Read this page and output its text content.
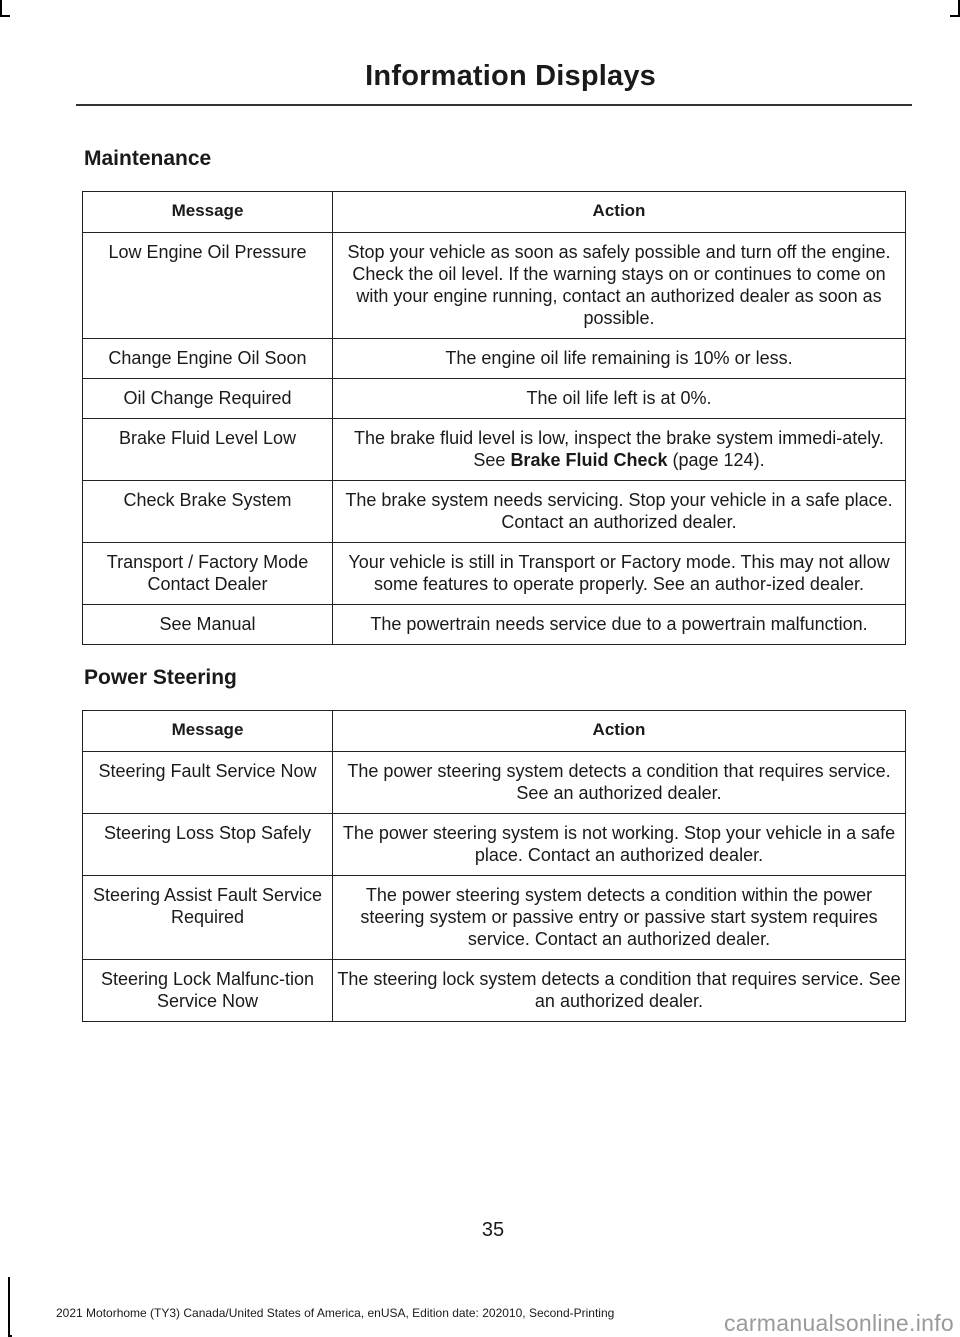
Information Displays
Maintenance
Message	Action
Low Engine Oil Pressure	Stop your vehicle as soon as safely possible and turn off the engine. Check the oil level. If the warning stays on or continues to come on with your engine running, contact an authorized dealer as soon as possible.
Change Engine Oil Soon	The engine oil life remaining is 10% or less.
Oil Change Required	The oil life left is at 0%.
Brake Fluid Level Low	The brake fluid level is low, inspect the brake system immedi-ately. See Brake Fluid Check (page 124).
Check Brake System	The brake system needs servicing. Stop your vehicle in a safe place. Contact an authorized dealer.
Transport / Factory Mode Contact Dealer	Your vehicle is still in Transport or Factory mode. This may not allow some features to operate properly. See an author-ized dealer.
See Manual	The powertrain needs service due to a powertrain malfunction.
Power Steering
Message	Action
Steering Fault Service Now	The power steering system detects a condition that requires service. See an authorized dealer.
Steering Loss Stop Safely	The power steering system is not working. Stop your vehicle in a safe place. Contact an authorized dealer.
Steering Assist Fault Service Required	The power steering system detects a condition within the power steering system or passive entry or passive start system requires service. Contact an authorized dealer.
Steering Lock Malfunc-tion Service Now	The steering lock system detects a condition that requires service. See an authorized dealer.
35
2021 Motorhome (TY3) Canada/United States of America, enUSA, Edition date: 202010, Second-Printing	carmanualsonline.info
